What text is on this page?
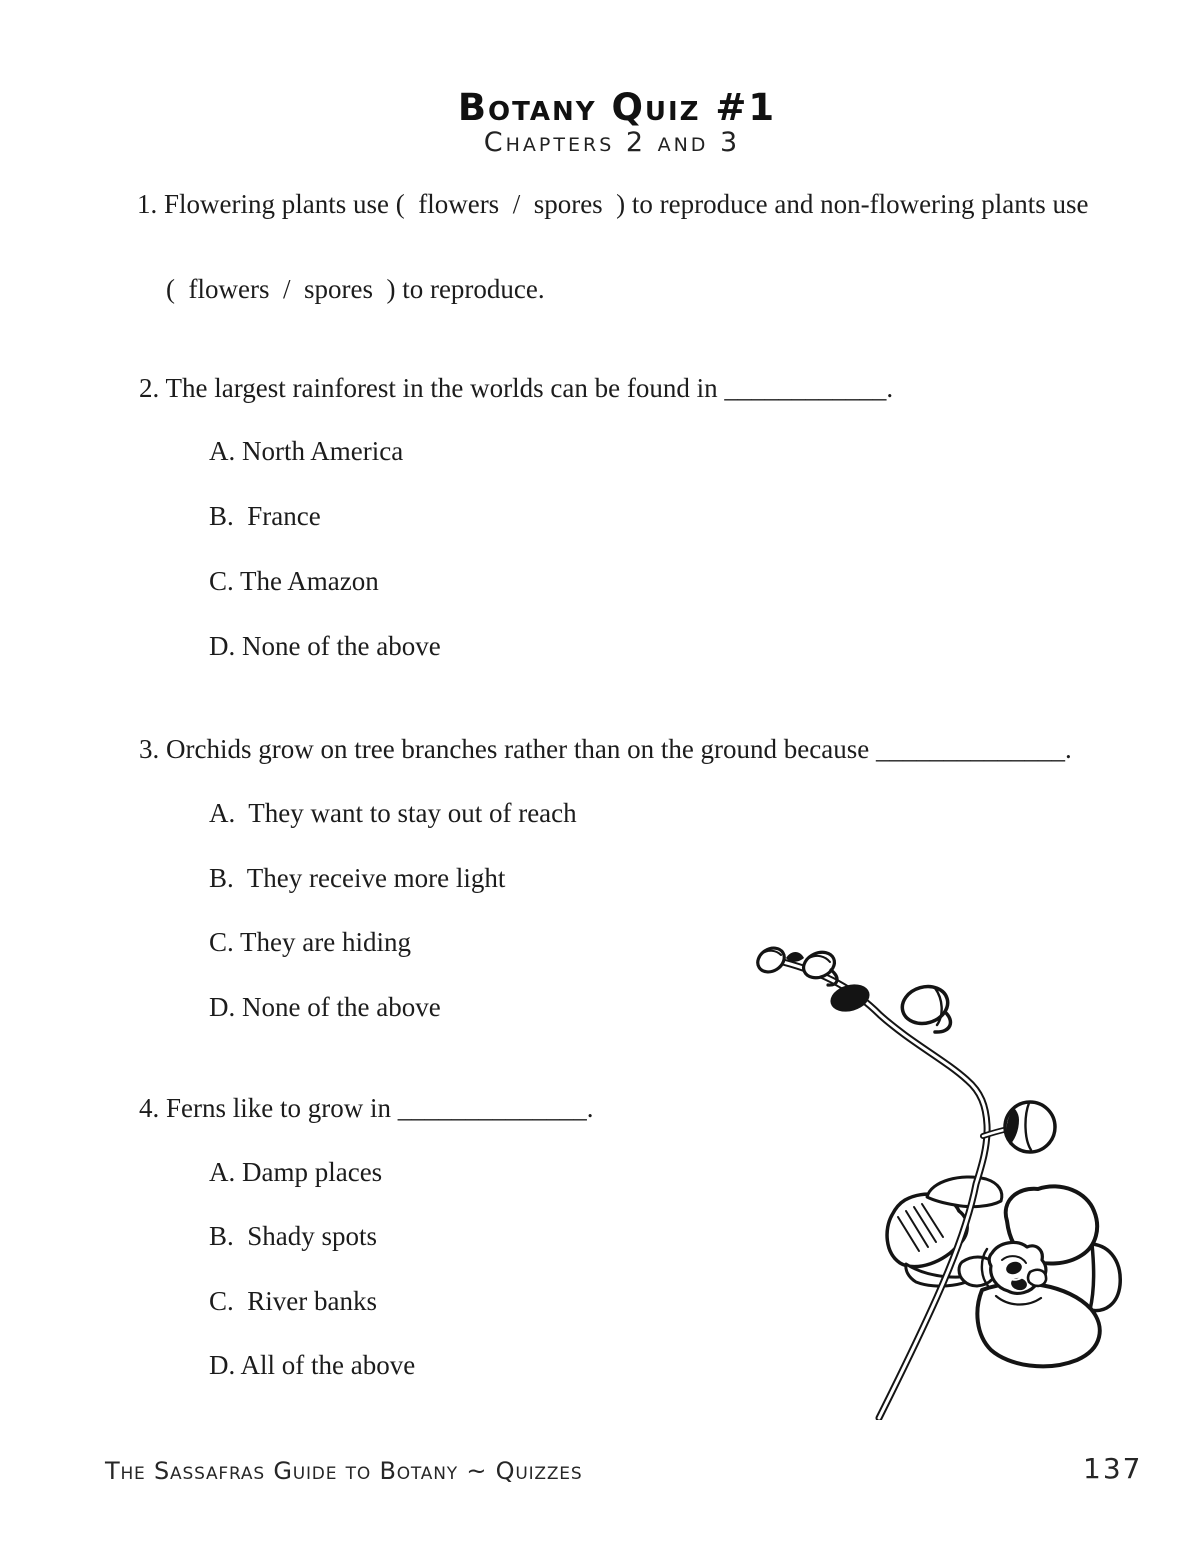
Botany Quiz #1
Chapters 2 and 3
1. Flowering plants use (  flowers  /  spores  ) to reproduce and non-flowering plants use
(  flowers  /  spores  ) to reproduce.
2. The largest rainforest in the worlds can be found in ____________.
A. North America
B.  France
C. The Amazon
D. None of the above
3. Orchids grow on tree branches rather than on the ground because ______________.
A.  They want to stay out of reach
B.  They receive more light
C. They are hiding
D. None of the above
4. Ferns like to grow in ______________.
A. Damp places
B.  Shady spots
C.  River banks
D. All of the above
The Sassafras Guide to Botany ~ Quizzes	137
